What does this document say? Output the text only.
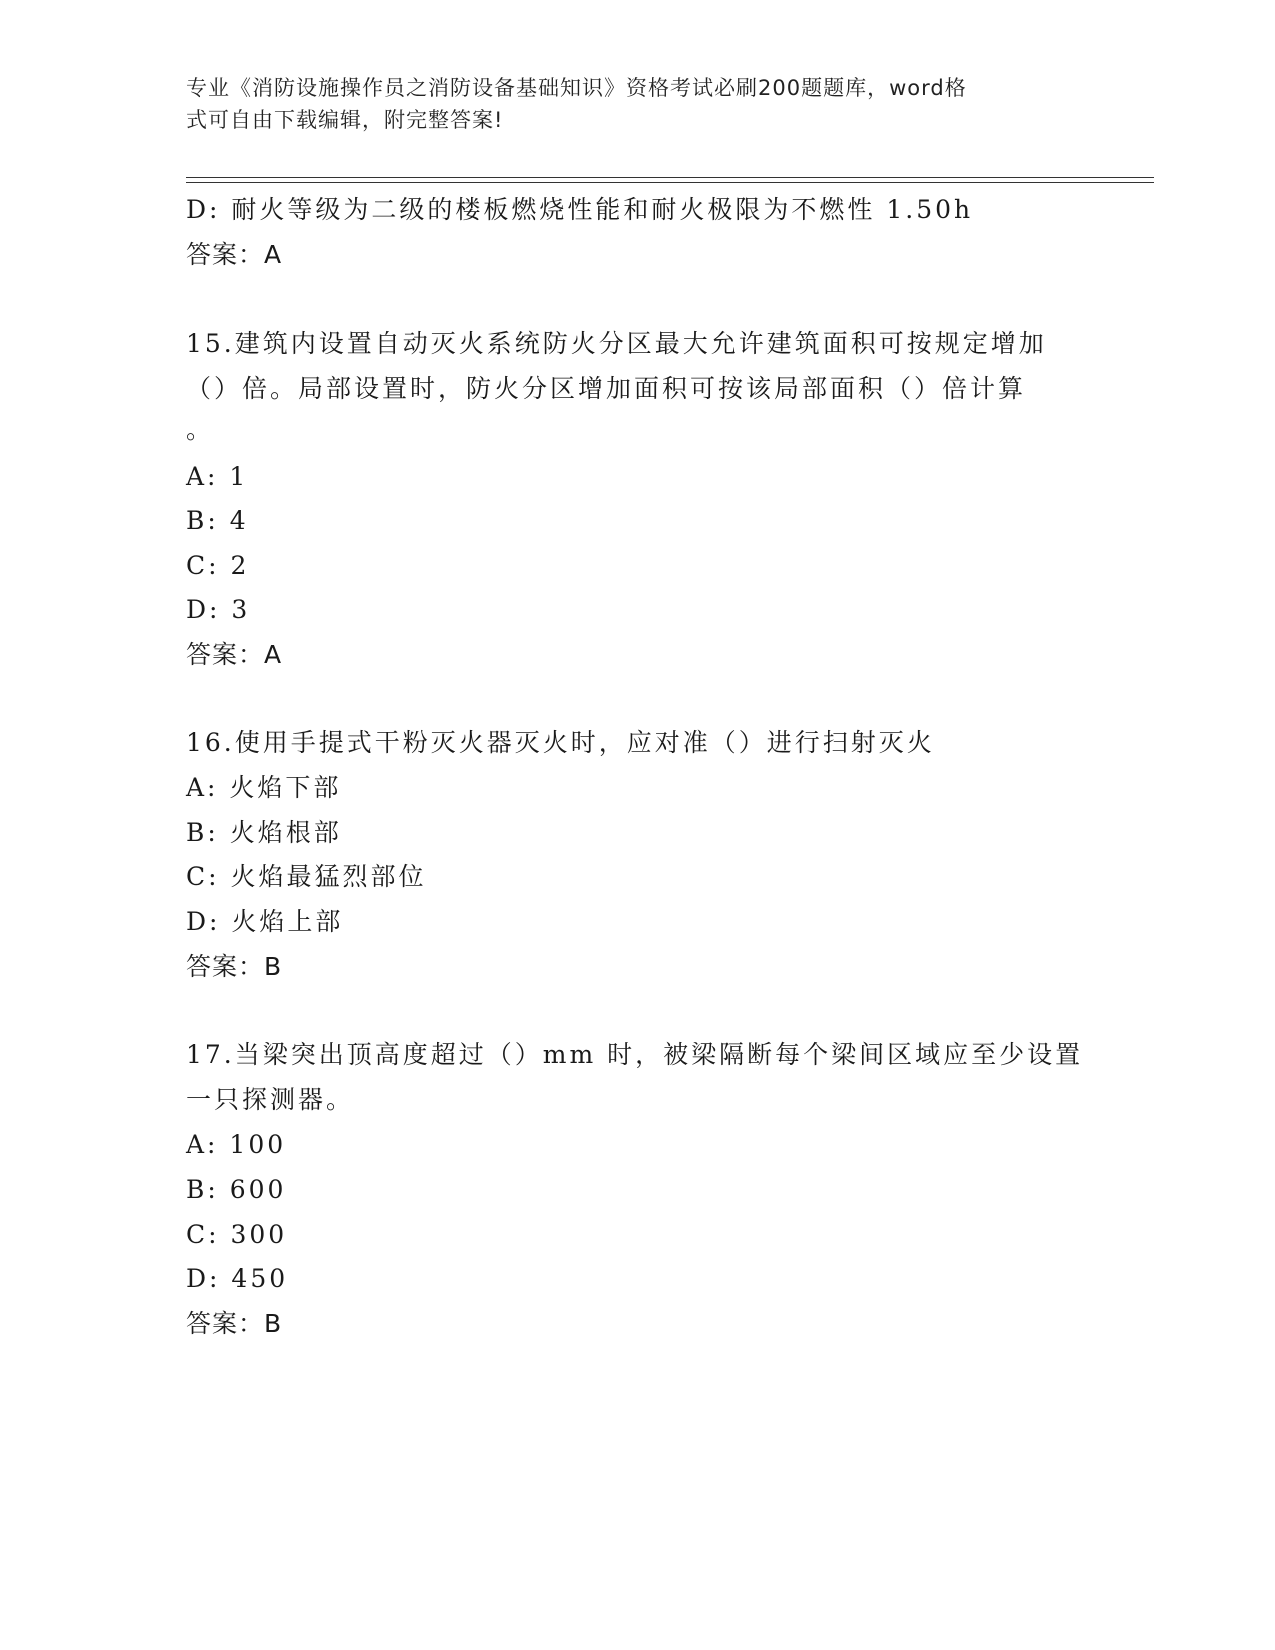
专业《消防设施操作员之消防设备基础知识》资格考试必刷200题题库，word格
式可自由下载编辑，附完整答案!
D: 耐火等级为二级的楼板燃烧性能和耐火极限为不燃性 1.50h
答案：A
15.建筑内设置自动灭火系统防火分区最大允许建筑面积可按规定增加
（）倍。局部设置时，防火分区增加面积可按该局部面积（）倍计算
。
A: 1
B: 4
C: 2
D: 3
答案：A
16.使用手提式干粉灭火器灭火时，应对准（）进行扫射灭火
A: 火焰下部
B: 火焰根部
C: 火焰最猛烈部位
D: 火焰上部
答案：B
17.当梁突出顶高度超过（）mm 时，被梁隔断每个梁间区域应至少设置
一只探测器。
A: 100
B: 600
C: 300
D: 450
答案：B
